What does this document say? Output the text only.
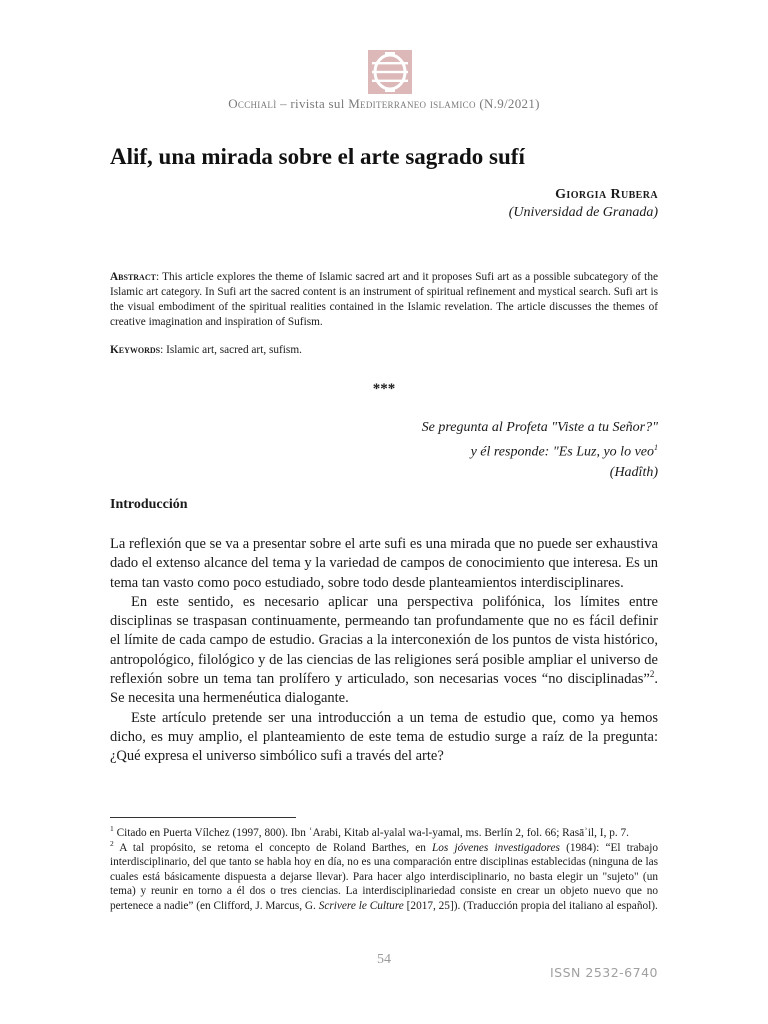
Occhialì – rivista sul Mediterraneo islamico (N.9/2021)
Alif, una mirada sobre el arte sagrado sufí
Giorgia Rubera
(Universidad de Granada)
Abstract: This article explores the theme of Islamic sacred art and it proposes Sufi art as a possible subcategory of the Islamic art category. In Sufi art the sacred content is an instrument of spiritual refinement and mystical search. Sufi art is the visual embodiment of the spiritual realities contained in the Islamic revelation. The article discusses the themes of creative imagination and inspiration of Sufism.
Keywords: Islamic art, sacred art, sufism.
***
Se pregunta al Profeta "Viste a tu Señor?"
y él responde: "Es Luz, yo lo veo$^1$
(Hadîth)
Introducción

La reflexión que se va a presentar sobre el arte sufi es una mirada que no puede ser exhaustiva dado el extenso alcance del tema y la variedad de campos de conocimiento que interesa. Es un tema tan vasto como poco estudiado, sobre todo desde planteamientos interdisciplinares.

En este sentido, es necesario aplicar una perspectiva polifónica, los límites entre disciplinas se traspasan continuamente, permeando tan profundamente que no es fácil definir el límite de cada campo de estudio. Gracias a la interconexión de los puntos de vista histórico, antropológico, filológico y de las ciencias de las religiones será posible ampliar el universo de reflexión sobre un tema tan prolífero y articulado, son necesarias voces “no disciplinadas”$^2$. Se necesita una hermenéutica dialogante.

Este artículo pretende ser una introducción a un tema de estudio que, como ya hemos dicho, es muy amplio, el planteamiento de este tema de estudio surge a raíz de la pregunta: ¿Qué expresa el universo simbólico sufi a través del arte?

$^1$ Citado en Puerta Vílchez (1997, 800). Ibn ʿArabi, Kitab al-yalal wa-l-yamal, ms. Berlín 2, fol. 66; Rasāʾil, I, p. 7.

$^2$ A tal propósito, se retoma el concepto de Roland Barthes, en Los jóvenes investigadores (1984): “El trabajo interdisciplinario, del que tanto se habla hoy en día, no es una comparación entre disciplinas establecidas (ninguna de las cuales está básicamente dispuesta a dejarse llevar). Para hacer algo interdisciplinario, no basta elegir un "sujeto" (un tema) y reunir en torno a él dos o tres ciencias. La interdisciplinariedad consiste en crear un objeto nuevo que no pertenece a nadie” (en Clifford, J. Marcus, G. Scrivere le Culture [2017, 25]). (Traducción propia del italiano al español).

54
ISSN 2532-6740
